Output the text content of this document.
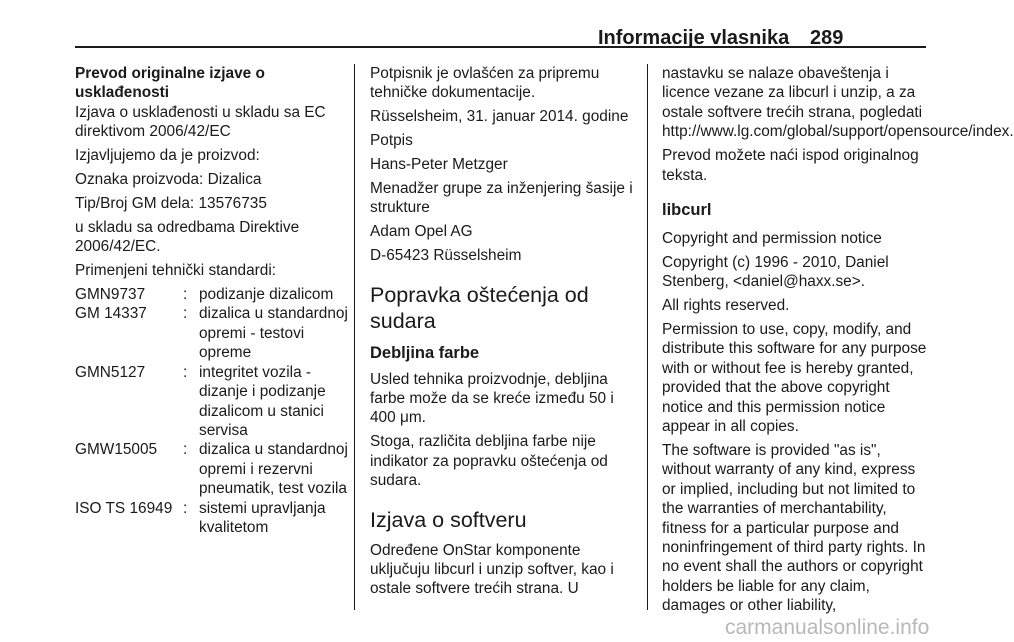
Informacije vlasnika 289

Prevod originalne izjave o usklađenosti

Izjava o usklađenosti u skladu sa EC direktivom 2006/42/EC

Izjavljujemo da je proizvod:

Oznaka proizvoda: Dizalica

Tip/Broj GM dela: 13576735

u skladu sa odredbama Direktive 2006/42/EC.

Primenjeni tehnički standardi:

GMN9737	:	podizanje dizalicom
GM 14337	:	dizalica u standardnoj opremi - testovi opreme
GMN5127	:	integritet vozila - dizanje i podizanje dizalicom u stanici servisa
GMW15005	:	dizalica u standardnoj opremi i rezervni pneumatik, test vozila
ISO TS 16949	:	sistemi upravljanja kvalitetom

Potpisnik je ovlašćen za pripremu tehničke dokumentacije.

Rüsselsheim, 31. januar 2014. godine

Potpis

Hans-Peter Metzger

Menadžer grupe za inženjering šasije i strukture

Adam Opel AG

D-65423 Rüsselsheim

Popravka oštećenja od sudara
Debljina farbe

Usled tehnika proizvodnje, debljina farbe može da se kreće između 50 i 400 μm.

Stoga, različita debljina farbe nije indikator za popravku oštećenja od sudara.

Izjava o softveru

Određene OnStar komponente uključuju libcurl i unzip softver, kao i ostale softvere trećih strana. U

nastavku se nalaze obaveštenja i licence vezane za libcurl i unzip, a za ostale softvere trećih strana, pogledati http://www.lg.com/global/support/opensource/index.

Prevod možete naći ispod originalnog teksta.

libcurl

Copyright and permission notice

Copyright (c) 1996 - 2010, Daniel Stenberg, <daniel@haxx.se>.

All rights reserved.

Permission to use, copy, modify, and distribute this software for any purpose with or without fee is hereby granted, provided that the above copyright notice and this permission notice appear in all copies.

The software is provided "as is", without warranty of any kind, express or implied, including but not limited to the warranties of merchantability, fitness for a particular purpose and noninfringement of third party rights. In no event shall the authors or copyright holders be liable for any claim, damages or other liability,

carmanualsonline.info
